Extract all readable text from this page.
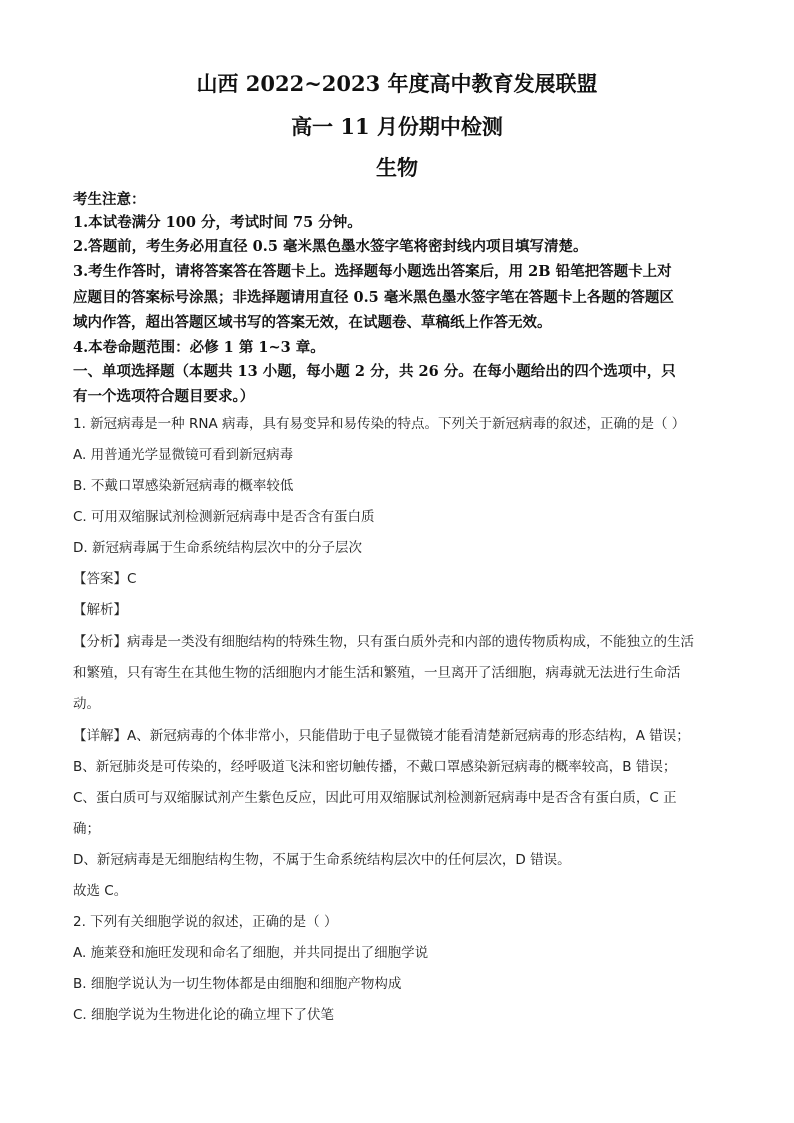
山西 2022~2023 年度高中教育发展联盟
高一 11 月份期中检测
生物
考生注意：
1.本试卷满分 100 分，考试时间 75 分钟。
2.答题前，考生务必用直径 0.5 毫米黑色墨水签字笔将密封线内项目填写清楚。
3.考生作答时，请将答案答在答题卡上。选择题每小题选出答案后，用 2B 铅笔把答题卡上对
应题目的答案标号涂黑；非选择题请用直径 0.5 毫米黑色墨水签字笔在答题卡上各题的答题区
域内作答，超出答题区域书写的答案无效，在试题卷、草稿纸上作答无效。
4.本卷命题范围：必修 1 第 1~3 章。
一、单项选择题（本题共 13 小题，每小题 2 分，共 26 分。在每小题给出的四个选项中，只
有一个选项符合题目要求。）
1. 新冠病毒是一种 RNA 病毒，具有易变异和易传染的特点。下列关于新冠病毒的叙述，正确的是（ ）
A. 用普通光学显微镜可看到新冠病毒
B. 不戴口罩感染新冠病毒的概率较低
C. 可用双缩脲试剂检测新冠病毒中是否含有蛋白质
D. 新冠病毒属于生命系统结构层次中的分子层次
【答案】C
【解析】
【分析】病毒是一类没有细胞结构的特殊生物，只有蛋白质外壳和内部的遗传物质构成，不能独立的生活
和繁殖，只有寄生在其他生物的活细胞内才能生活和繁殖，一旦离开了活细胞，病毒就无法进行生命活
动。
【详解】A、新冠病毒的个体非常小，只能借助于电子显微镜才能看清楚新冠病毒的形态结构，A 错误；
B、新冠肺炎是可传染的，经呼吸道飞沫和密切触传播，不戴口罩感染新冠病毒的概率较高，B 错误；
C、蛋白质可与双缩脲试剂产生紫色反应，因此可用双缩脲试剂检测新冠病毒中是否含有蛋白质，C 正
确；
D、新冠病毒是无细胞结构生物，不属于生命系统结构层次中的任何层次，D 错误。
故选 C。
2. 下列有关细胞学说的叙述，正确的是（ ）
A. 施莱登和施旺发现和命名了细胞，并共同提出了细胞学说
B. 细胞学说认为一切生物体都是由细胞和细胞产物构成
C. 细胞学说为生物进化论的确立埋下了伏笔
